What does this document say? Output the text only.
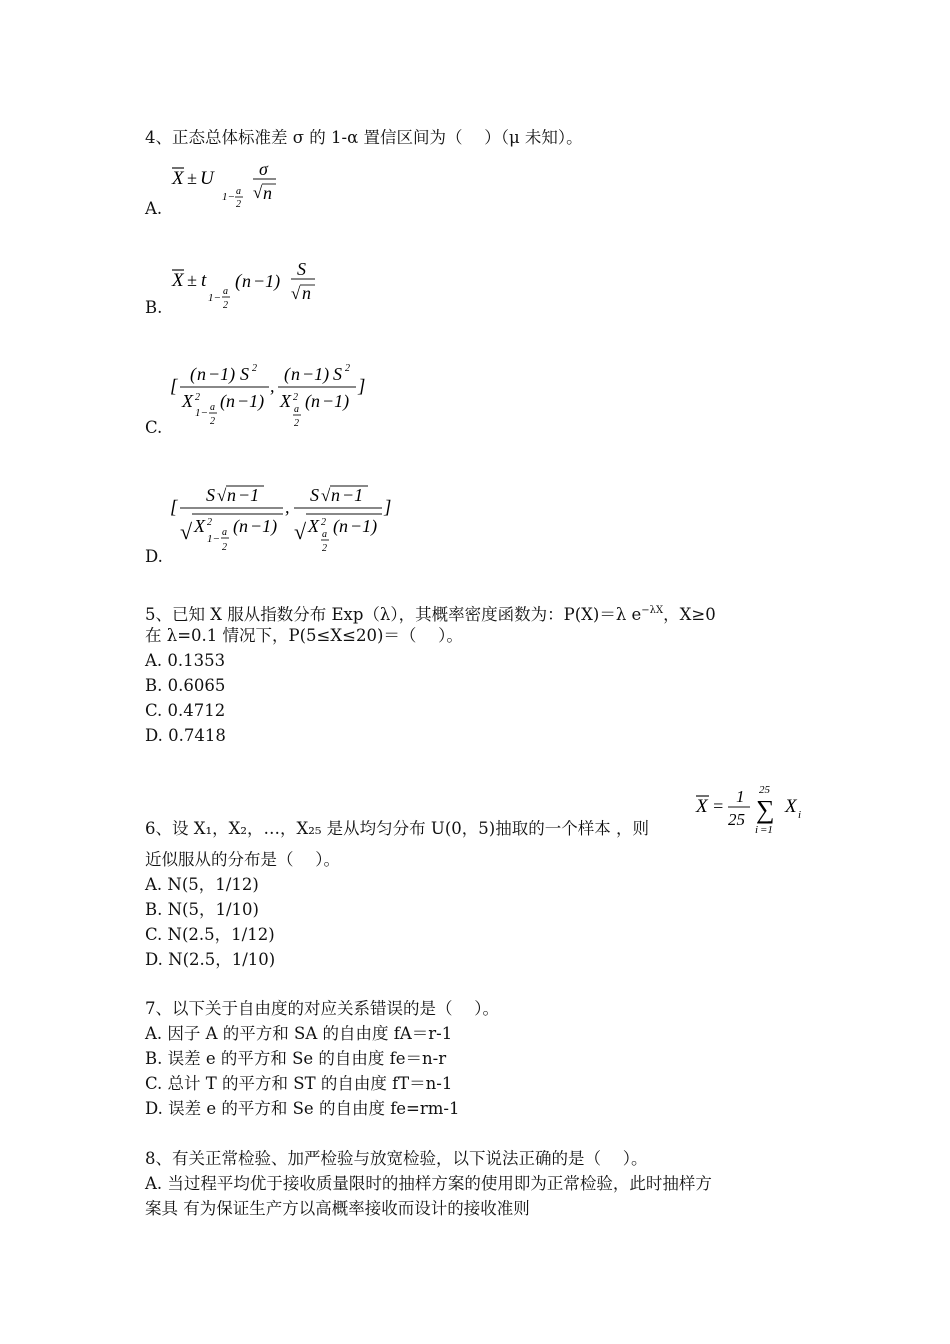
4、正态总体标准差 σ 的 1-α 置信区间为（　 ）（μ 未知）。
X ± U
1− a
2
σ
√ n
A.
X ± t
1−
a
2
( n −1)
S
√ n
B.
[
( n −1) S 2
X 2
1− a
2
( n −1)
,
( n −1) S 2
X 2
a
2
( n −1)
]
C.
[
S √ n −1
√ X 2
1−
a
2
( n −1)
,
S √ n −1
√ X 2
a
2
( n −1)
]
D.
5、已知 X 服从指数分布 Exp（λ），其概率密度函数为：P(X)＝λ $e^{-\lambda X}$，X≥0
在 λ=0.1 情况下，P(5≤X≤20)＝（　 ）。
A. 0.1353
B. 0.6065
C. 0.4712
D. 0.7418
X = 1
25
25
∑
i =1
X i
6、设 X₁，X₂，…，X₂₅ 是从均匀分布 U(0，5)抽取的一个样本 ，则
近似服从的分布是（　 ）。
A. N(5，1/12)
B. N(5，1/10)
C. N(2.5，1/12)
D. N(2.5，1/10)
7、以下关于自由度的对应关系错误的是（　 ）。
A. 因子 A 的平方和 SA 的自由度 fA＝r-1
B. 误差 e 的平方和 Se 的自由度 fe＝n-r
C. 总计 T 的平方和 ST 的自由度 fT＝n-1
D. 误差 e 的平方和 Se 的自由度 fe=rm-1
8、有关正常检验、加严检验与放宽检验，以下说法正确的是（　 ）。
A. 当过程平均优于接收质量限时的抽样方案的使用即为正常检验，此时抽样方
案具 有为保证生产方以高概率接收而设计的接收准则
